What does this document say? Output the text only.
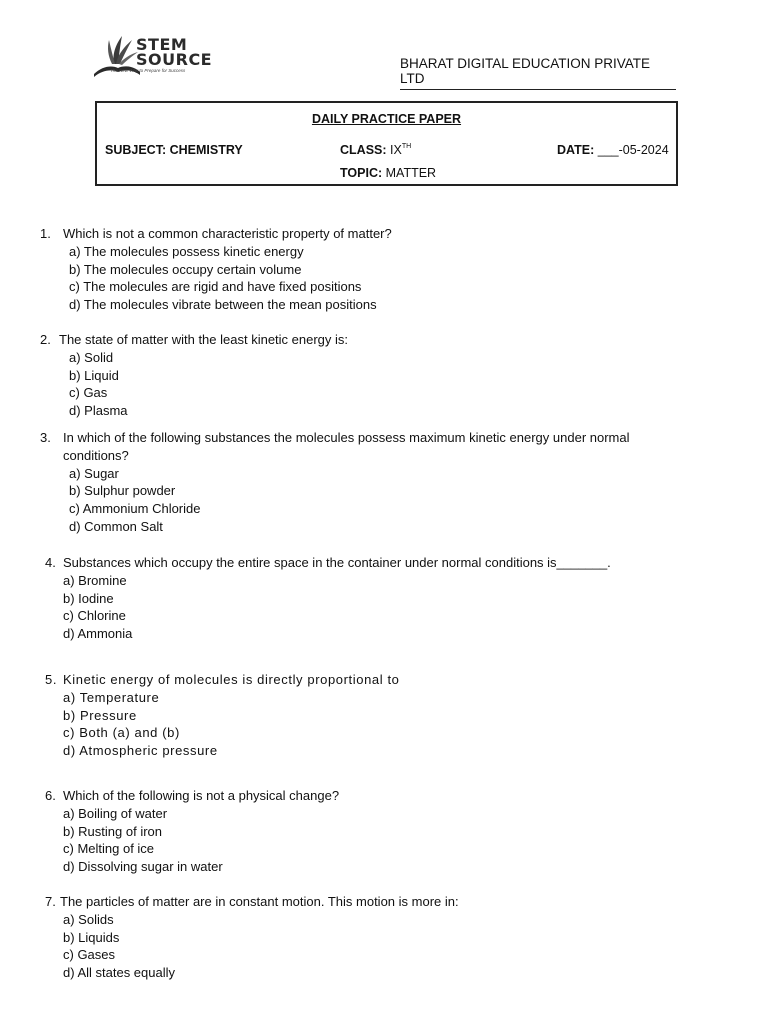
STEM
SOURCE
The New Way to Prepare for Success	BHARAT DIGITAL EDUCATION PRIVATE LTD
DAILY PRACTICE PAPER
SUBJECT: CHEMISTRY	CLASS: IXTH	DATE: ___-05-2024
TOPIC: MATTER
1. Which is not a common characteristic property of matter?
a) The molecules possess kinetic energy
b) The molecules occupy certain volume
c) The molecules are rigid and have fixed positions
d) The molecules vibrate between the mean positions
2. The state of matter with the least kinetic energy is:
a) Solid
b) Liquid
c) Gas
d) Plasma
3. In which of the following substances the molecules possess maximum kinetic energy under normal
conditions?
a) Sugar
b) Sulphur powder
c) Ammonium Chloride
d) Common Salt
4. Substances which occupy the entire space in the container under normal conditions is_______.
a) Bromine
b) Iodine
c) Chlorine
d) Ammonia
5. Kinetic energy of molecules is directly proportional to
a) Temperature
b) Pressure
c) Both (a) and (b)
d) Atmospheric pressure
6. Which of the following is not a physical change?
a) Boiling of water
b) Rusting of iron
c) Melting of ice
d) Dissolving sugar in water
7. The particles of matter are in constant motion. This motion is more in:
a) Solids
b) Liquids
c) Gases
d) All states equally
